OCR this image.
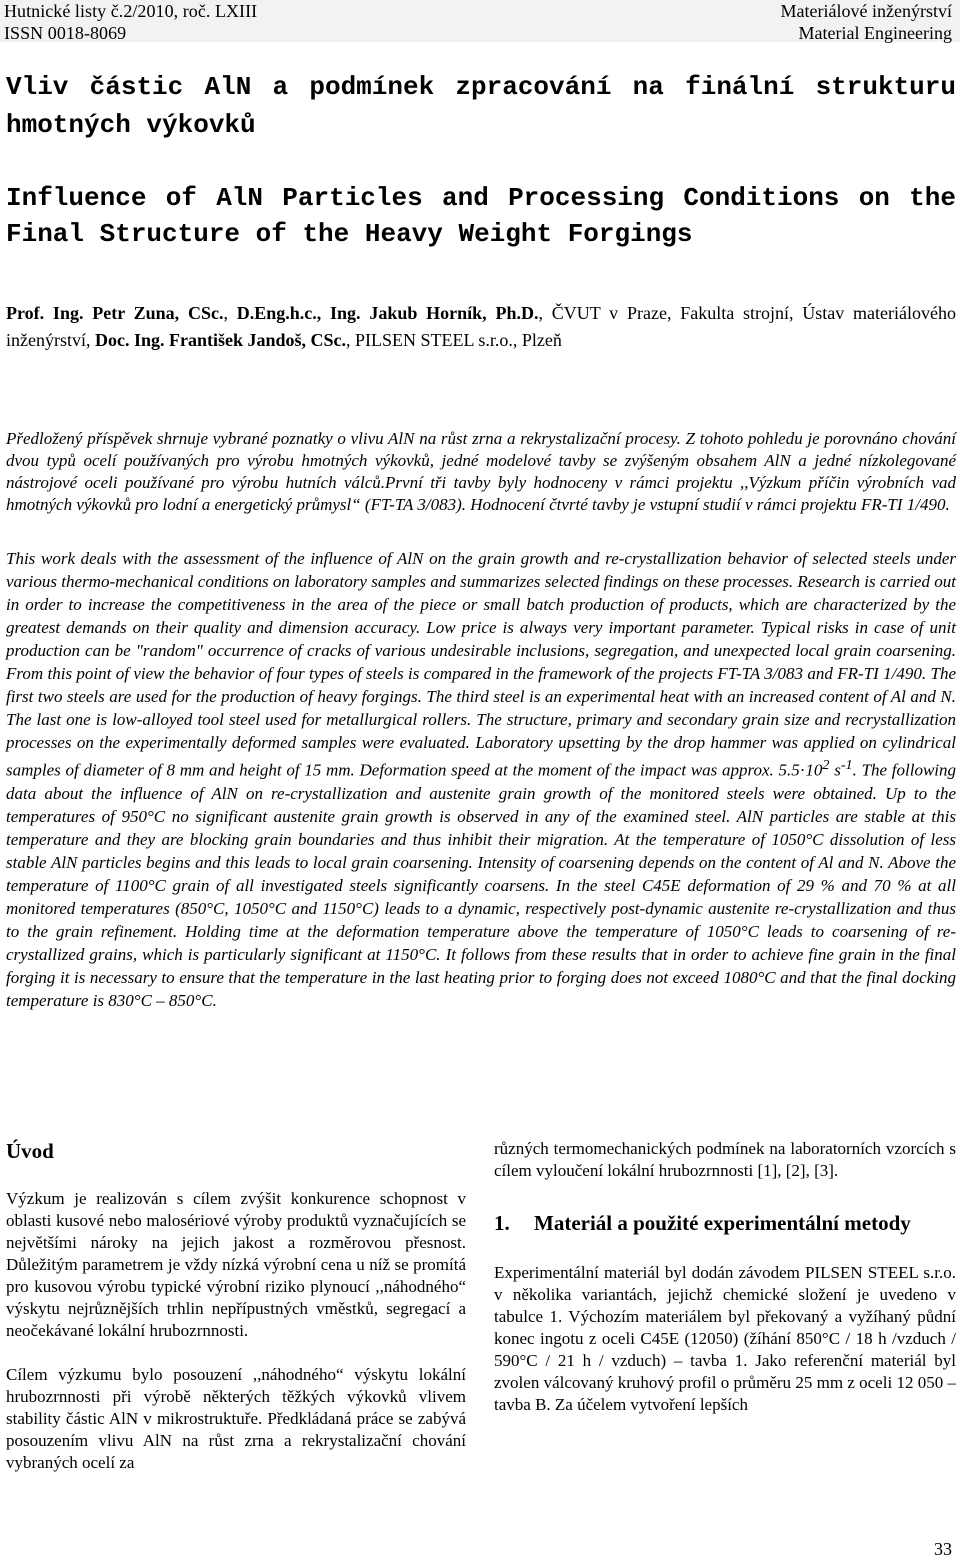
Hutnické listy č.2/2010, roč. LXIII
ISSN 0018-8069
Materiálové inženýrství
Material Engineering
Vliv částic AlN a podmínek zpracování na finální strukturu hmotných výkovků
Influence of AlN Particles and Processing Conditions on the Final Structure of the Heavy Weight Forgings

Prof. Ing. Petr Zuna, CSc., D.Eng.h.c., Ing. Jakub Horník, Ph.D., ČVUT v Praze, Fakulta strojní, Ústav materiálového inženýrství, Doc. Ing. František Jandoš, CSc., PILSEN STEEL s.r.o., Plzeň

Předložený příspěvek shrnuje vybrané poznatky o vlivu AlN na růst zrna a rekrystalizační procesy. Z tohoto pohledu je porovnáno chování dvou typů ocelí používaných pro výrobu hmotných výkovků, jedné modelové tavby se zvýšeným obsahem AlN a jedné nízkolegované nástrojové oceli používané pro výrobu hutních válců.První tři tavby byly hodnoceny v rámci projektu ,,Výzkum příčin výrobních vad hmotných výkovků pro lodní a energetický průmysl“ (FT-TA 3/083). Hodnocení čtvrté tavby je vstupní studií v rámci projektu FR-TI 1/490.

This work deals with the assessment of the influence of AlN on the grain growth and re-crystallization behavior of selected steels under various thermo-mechanical conditions on laboratory samples and summarizes selected findings on these processes. Research is carried out in order to increase the competitiveness in the area of the piece or small batch production of products, which are characterized by the greatest demands on their quality and dimension accuracy. Low price is always very important parameter. Typical risks in case of unit production can be "random" occurrence of cracks of various undesirable inclusions, segregation, and unexpected local grain coarsening. From this point of view the behavior of four types of steels is compared in the framework of the projects FT-TA 3/083 and FR-TI 1/490. The first two steels are used for the production of heavy forgings. The third steel is an experimental heat with an increased content of Al and N. The last one is low-alloyed tool steel used for metallurgical rollers. The structure, primary and secondary grain size and recrystallization processes on the experimentally deformed samples were evaluated. Laboratory upsetting by the drop hammer was applied on cylindrical samples of diameter of 8 mm and height of 15 mm. Deformation speed at the moment of the impact was approx. $5.5\cdot 10^2$ $s^{-1}$. The following data about the influence of AlN on re-crystallization and austenite grain growth of the monitored steels were obtained. Up to the temperatures of 950°C no significant austenite grain growth is observed in any of the examined steel. AlN particles are stable at this temperature and they are blocking grain boundaries and thus inhibit their migration. At the temperature of 1050°C dissolution of less stable AlN particles begins and this leads to local grain coarsening. Intensity of coarsening depends on the content of Al and N. Above the temperature of 1100°C grain of all investigated steels significantly coarsens. In the steel C45E deformation of 29 % and 70 % at all monitored temperatures (850°C, 1050°C and 1150°C) leads to a dynamic, respectively post-dynamic austenite re-crystallization and thus to the grain refinement. Holding time at the deformation temperature above the temperature of 1050°C leads to coarsening of re-crystallized grains, which is particularly significant at 1150°C. It follows from these results that in order to achieve fine grain in the final forging it is necessary to ensure that the temperature in the last heating prior to forging does not exceed 1080°C and that the final docking temperature is 830°C – 850°C.

Úvod

Výzkum je realizován s cílem zvýšit konkurence schopnost v oblasti kusové nebo malosériové výroby produktů vyznačujících se největšími nároky na jejich jakost a rozměrovou přesnost. Důležitým parametrem je vždy nízká výrobní cena u níž se promítá pro kusovou výrobu typické výrobní riziko plynoucí ,,náhodného“ výskytu nejrůznějších trhlin nepřípustných vměstků, segregací a neočekávané lokální hrubozrnnosti.

Cílem výzkumu bylo posouzení ,,náhodného“ výskytu lokální hrubozrnnosti při výrobě některých těžkých výkovků vlivem stability částic AlN v mikrostruktuře. Předkládaná práce se zabývá posouzením vlivu AlN na růst zrna a rekrystalizační chování vybraných ocelí za

různých termomechanických podmínek na laboratorních vzorcích s cílem vyloučení lokální hrubozrnnosti [1], [2], [3].

1.	Materiál a použité experimentální metody

Experimentální materiál byl dodán závodem PILSEN STEEL s.r.o. v několika variantách, jejichž chemické složení je uvedeno v tabulce 1. Výchozím materiálem byl překovaný a vyžíhaný půdní konec ingotu z oceli C45E (12050) (žíhání 850°C / 18 h /vzduch / 590°C / 21 h / vzduch) – tavba 1. Jako referenční materiál byl zvolen válcovaný kruhový profil o průměru 25 mm z oceli 12 050 – tavba B. Za účelem vytvoření lepších

33
